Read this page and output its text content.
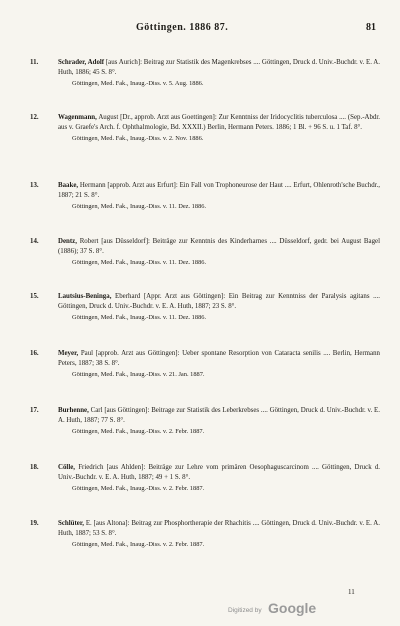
Göttingen. 1886 87.	81
11.	Schrader, Adolf [aus Aurich]: Beitrag zur Statistik des Magenkrebses .... Göttingen, Druck d. Univ.-Buchdr. v. E. A. Huth, 1886; 45 S. 8°.
Göttingen, Med. Fak., Inaug.-Diss. v. 5. Aug. 1886.
12.	Wagenmann, August [Dr., approb. Arzt aus Goettingen]: Zur Kenntniss der Iridocyclitis tuberculosa .... (Sep.-Abdr. aus v. Graefe's Arch. f. Ophthalmologie, Bd. XXXII.) Berlin, Hermann Peters. 1886; 1 Bl. + 96 S. u. 1 Taf. 8°.
Göttingen, Med. Fak., Inaug.-Diss. v. 2. Nov. 1886.
13.	Baake, Hermann [approb. Arzt aus Erfurt]: Ein Fall von Trophoneurose der Haut .... Erfurt, Ohlenroth'sche Buchdr., 1887; 21 S. 8°.
Göttingen, Med. Fak., Inaug.-Diss. v. 11. Dez. 1886.
14.	Dentz, Robert [aus Düsseldorf]: Beiträge zur Kenntnis des Kinderharnes .... Düsseldorf, gedr. bei August Bagel (1886); 37 S. 8°.
Göttingen, Med. Fak., Inaug.-Diss. v. 11. Dez. 1886.
15.	Lautsius-Beninga, Eberhard [Appr. Arzt aus Göttingen]: Ein Beitrag zur Kenntniss der Paralysis agitans .... Göttingen, Druck d. Univ.-Buchdr. v. E. A. Huth, 1887; 23 S. 8°.
Göttingen, Med. Fak., Inaug.-Diss. v. 11. Dez. 1886.
16.	Meyer, Paul [approb. Arzt aus Göttingen]: Ueber spontane Resorption von Cataracta senilis .... Berlin, Hermann Peters, 1887; 38 S. 8°.
Göttingen, Med. Fak., Inaug.-Diss. v. 21. Jan. 1887.
17.	Burhenne, Carl [aus Göttingen]: Beitrage zur Statistik des Leberkrebses .... Göttingen, Druck d. Univ.-Buchdr. v. E. A. Huth, 1887; 77 S. 8°.
Göttingen, Med. Fak., Inaug.-Diss. v. 2. Febr. 1887.
18.	Cölle, Friedrich [aus Ahlden]: Beiträge zur Lehre vom primären Oesophaguscarcinom .... Göttingen, Druck d. Univ.-Buchdr. v. E. A. Huth, 1887; 49 + 1 S. 8°.
Göttingen, Med. Fak., Inaug.-Diss. v. 2. Febr. 1887.
19.	Schlüter, E. [aus Altona]: Beitrag zur Phosphortherapie der Rhachitis .... Göttingen, Druck d. Univ.-Buchdr. v. E. A. Huth, 1887; 53 S. 8°.
Göttingen, Med. Fak., Inaug.-Diss. v. 2. Febr. 1887.
11
Digitized by Google
